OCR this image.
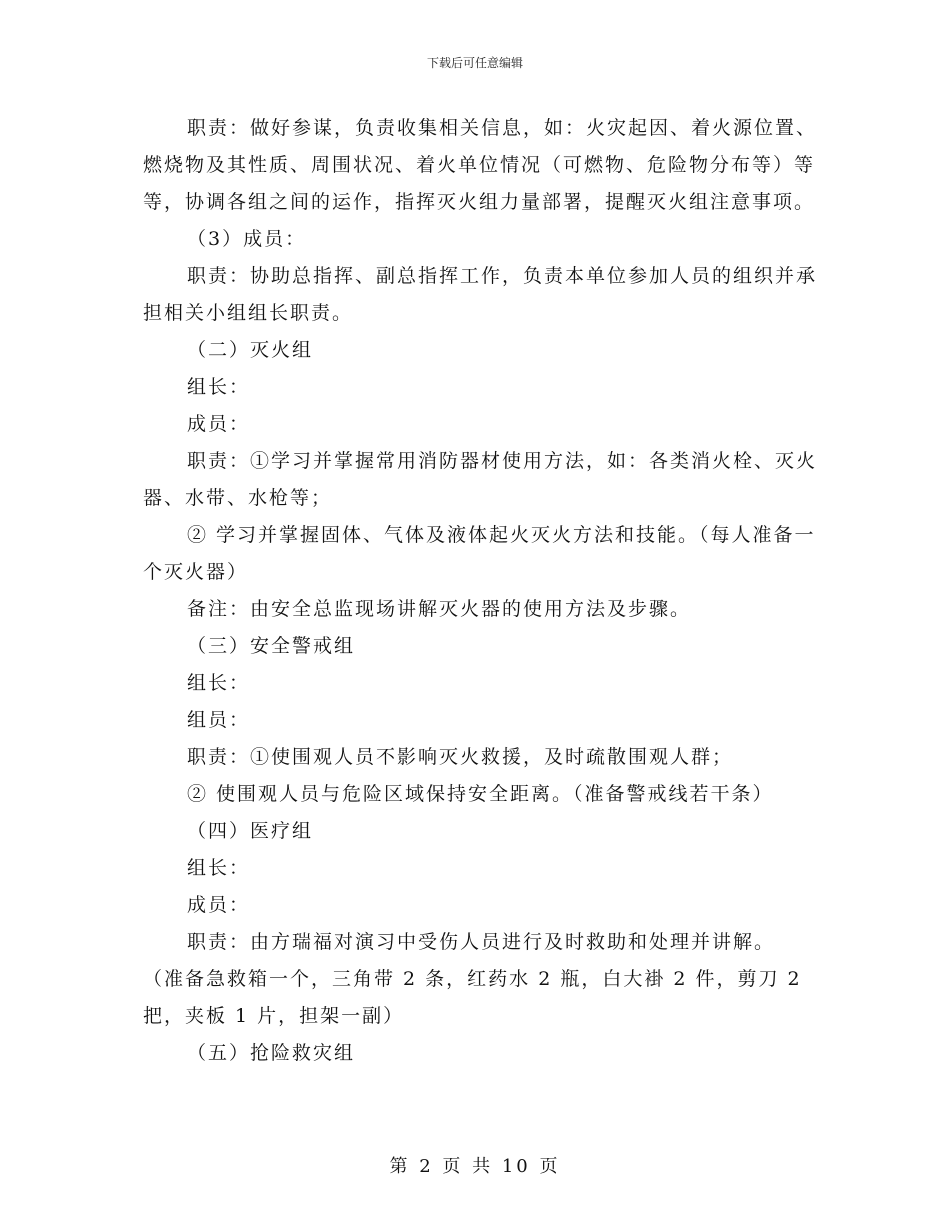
下载后可任意编辑

职责：做好参谋，负责收集相关信息，如：火灾起因、着火源位置、燃烧物及其性质、周围状况、着火单位情况（可燃物、危险物分布等）等等，协调各组之间的运作，指挥灭火组力量部署，提醒灭火组注意事项。

（3）成员：

职责：协助总指挥、副总指挥工作，负责本单位参加人员的组织并承担相关小组组长职责。

（二）灭火组

组长：

成员：

职责：①学习并掌握常用消防器材使用方法，如：各类消火栓、灭火器、水带、水枪等；

② 学习并掌握固体、气体及液体起火灭火方法和技能。（每人准备一个灭火器）

备注：由安全总监现场讲解灭火器的使用方法及步骤。

（三）安全警戒组

组长：

组员：

职责：①使围观人员不影响灭火救援，及时疏散围观人群；

② 使围观人员与危险区域保持安全距离。（准备警戒线若干条）

（四）医疗组

组长：

成员：

职责：由方瑞福对演习中受伤人员进行及时救助和处理并讲解。

（准备急救箱一个，三角带 2 条，红药水 2 瓶，白大褂 2 件，剪刀 2 把，夹板 1 片，担架一副）

（五）抢险救灾组

第 2 页 共 10 页
